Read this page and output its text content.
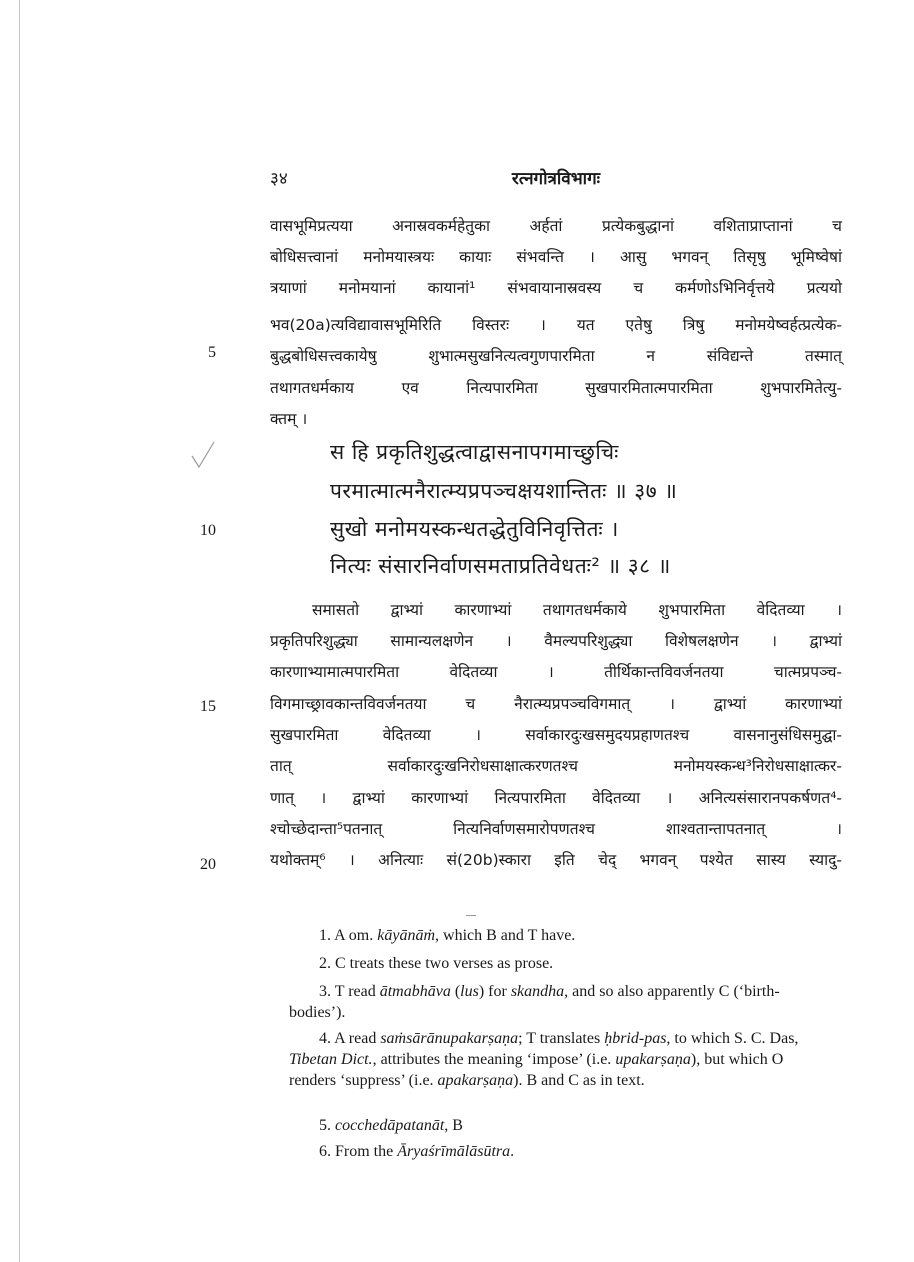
३४	रत्नगोत्रविभागः
वासभूमिप्रत्यया अनास्रवकर्महेतुका अर्हतां प्रत्येकबुद्धानां वशिताप्राप्तानां च
बोधिसत्त्वानां मनोमयास्त्रयः कायाः संभवन्ति । आसु भगवन् तिसृषु भूमिष्वेषां
त्रयाणां मनोमयानां कायानां¹ संभवायानास्रवस्य च कर्मणोऽभिनिर्वृत्तये प्रत्ययो
भव(20a)त्यविद्यावासभूमिरिति विस्तरः । यत एतेषु त्रिषु मनोमयेष्वर्हत्प्रत्येक-
बुद्धबोधिसत्त्वकायेषु शुभात्मसुखनित्यत्वगुणपारमिता न संविद्यन्ते तस्मात्
तथागतधर्मकाय एव नित्यपारमिता सुखपारमितात्मपारमिता शुभपारमितेत्यु-
क्तम् ।
स हि प्रकृतिशुद्धत्वाद्वासनापगमाच्छुचिः
परमात्मात्मनैरात्म्यप्रपञ्चक्षयशान्तितः ॥ ३७ ॥
सुखो मनोमयस्कन्धतद्धेतुविनिवृत्तितः ।
नित्यः संसारनिर्वाणसमताप्रतिवेधतः² ॥ ३८ ॥
समासतो द्वाभ्यां कारणाभ्यां तथागतधर्मकाये शुभपारमिता वेदितव्या ।
प्रकृतिपरिशुद्ध्या सामान्यलक्षणेन । वैमल्यपरिशुद्ध्या विशेषलक्षणेन । द्वाभ्यां
कारणाभ्यामात्मपारमिता वेदितव्या । तीर्थिकान्तविवर्जनतया चात्मप्रपञ्च-
विगमाच्छ्रावकान्तविवर्जनतया च नैरात्म्यप्रपञ्चविगमात् । द्वाभ्यां कारणाभ्यां
सुखपारमिता वेदितव्या । सर्वाकारदुःखसमुदयप्रहाणतश्च वासनानुसंधिसमुद्घा-
तात् सर्वाकारदुःखनिरोधसाक्षात्करणतश्च मनोमयस्कन्ध³निरोधसाक्षात्कर-
णात् । द्वाभ्यां कारणाभ्यां नित्यपारमिता वेदितव्या । अनित्यसंसारानपकर्षणत⁴-
श्चोच्छेदान्ता⁵पतनात् नित्यनिर्वाणसमारोपणतश्च शाश्वतान्तापतनात् ।
यथोक्तम्⁶ । अनित्याः सं(20b)स्कारा इति चेद् भगवन् पश्येत सास्य स्यादु-
5
10
15
20
1. A om. kāyānāṁ, which B and T have.
2. C treats these two verses as prose.
3. T read ātmabhāva (lus) for skandha, and so also apparently C (‘birth-bodies’).
4. A read saṁsārānupakarṣaṇa; T translates ḥbrid-pas, to which S. C. Das, Tibetan Dict., attributes the meaning ‘impose’ (i.e. upakarṣaṇa), but which O renders ‘suppress’ (i.e. apakarṣaṇa). B and C as in text.
5. cocchedāpatanāt, B
6. From the Āryaśrīmālāsūtra.
